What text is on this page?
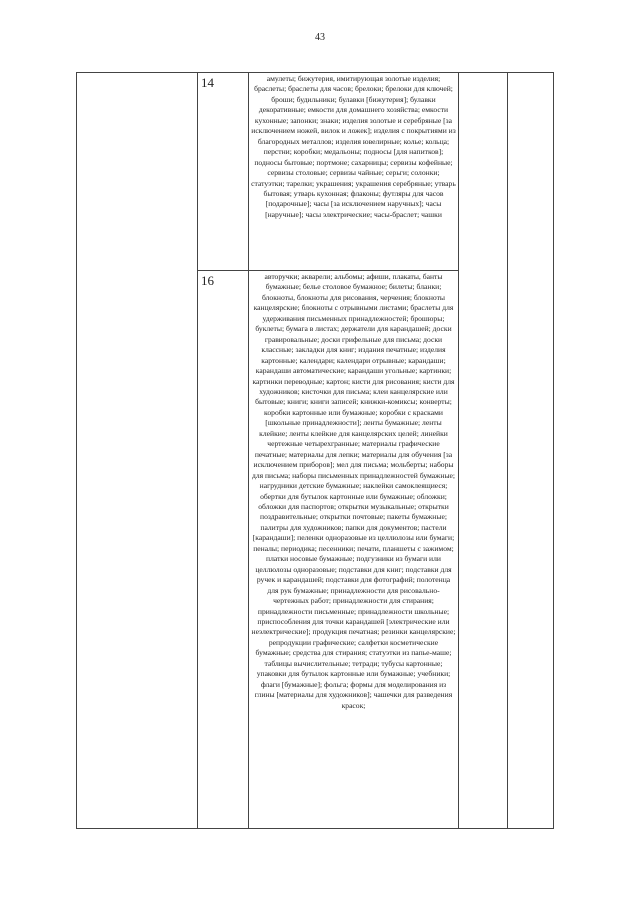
43
	14	амулеты; бижутерия, имитирующая золотые изделия; браслеты; браслеты для часов; брелоки; брелоки для ключей; броши; будильники; булавки [бижутерия]; булавки декоративные; емкости для домашнего хозяйства; емкости кухонные; запонки; знаки; изделия золотые и серебряные [за исключением ножей, вилок и ложек]; изделия с покрытиями из благородных металлов; изделия ювелирные; колье; кольца; перстни; коробки; медальоны; подносы [для напитков]; подносы бытовые; портмоне; сахарницы; сервизы кофейные; сервизы столовые; сервизы чайные; серьги; солонки; статуэтки; тарелки; украшения; украшения серебряные; утварь бытовая; утварь кухонная; флаконы; футляры для часов [подарочные]; часы [за исключением наручных]; часы [наручные]; часы электрические; часы-браслет; чашки		
	16	авторучки; акварели; альбомы; афиши, плакаты, банты бумажные; белье столовое бумажное; билеты; бланки; блокноты, блокноты для рисования, черчения; блокноты канцелярские; блокноты с отрывными листами; браслеты для удерживания письменных принадлежностей; брошюры; буклеты; бумага в листах; держатели для карандашей; доски гравировальные; доски грифельные для письма; доски классные; закладки для книг; издания печатные; изделия картонные; календари; календари отрывные; карандаши; карандаши автоматические; карандаши угольные; картинки; картинки переводные; картон; кисти для рисования; кисти для художников; кисточки для письма; клеи канцелярские или бытовые; книги; книги записей; книжки-комиксы; конверты; коробки картонные или бумажные; коробки с красками [школьные принадлежности]; ленты бумажные; ленты клейкие; ленты клейкие для канцелярских целей; линейки чертежные четырехгранные; материалы графические печатные; материалы для лепки; материалы для обучения [за исключением приборов]; мел для письма; мольберты; наборы для письма; наборы письменных принадлежностей бумажные; нагрудники детские бумажные; наклейки самоклеящиеся; обертки для бутылок картонные или бумажные; обложки; обложки для паспортов; открытки музыкальные; открытки поздравительные; открытки почтовые; пакеты бумажные; палитры для художников; папки для документов; пастели [карандаши]; пеленки одноразовые из целлюлозы или бумаги; пеналы; периодика; песенники; печати, планшеты с зажимом; платки носовые бумажные; подгузники из бумаги или целлюлозы одноразовые; подставки для книг; подставки для ручек и карандашей; подставки для фотографий; полотенца для рук бумажные; принадлежности для рисовально-чертежных работ; принадлежности для стирания; принадлежности письменные; принадлежности школьные; приспособления для точки карандашей [электрические или неэлектрические]; продукция печатная; резинки канцелярские; репродукции графические; салфетки косметические бумажные; средства для стирания; статуэтки из папье-маше; таблицы вычислительные; тетради; тубусы картонные; упаковки для бутылок картонные или бумажные; учебники; флаги [бумажные]; фольга; формы для моделирования из глины [материалы для художников]; чашечки для разведения красок;		
